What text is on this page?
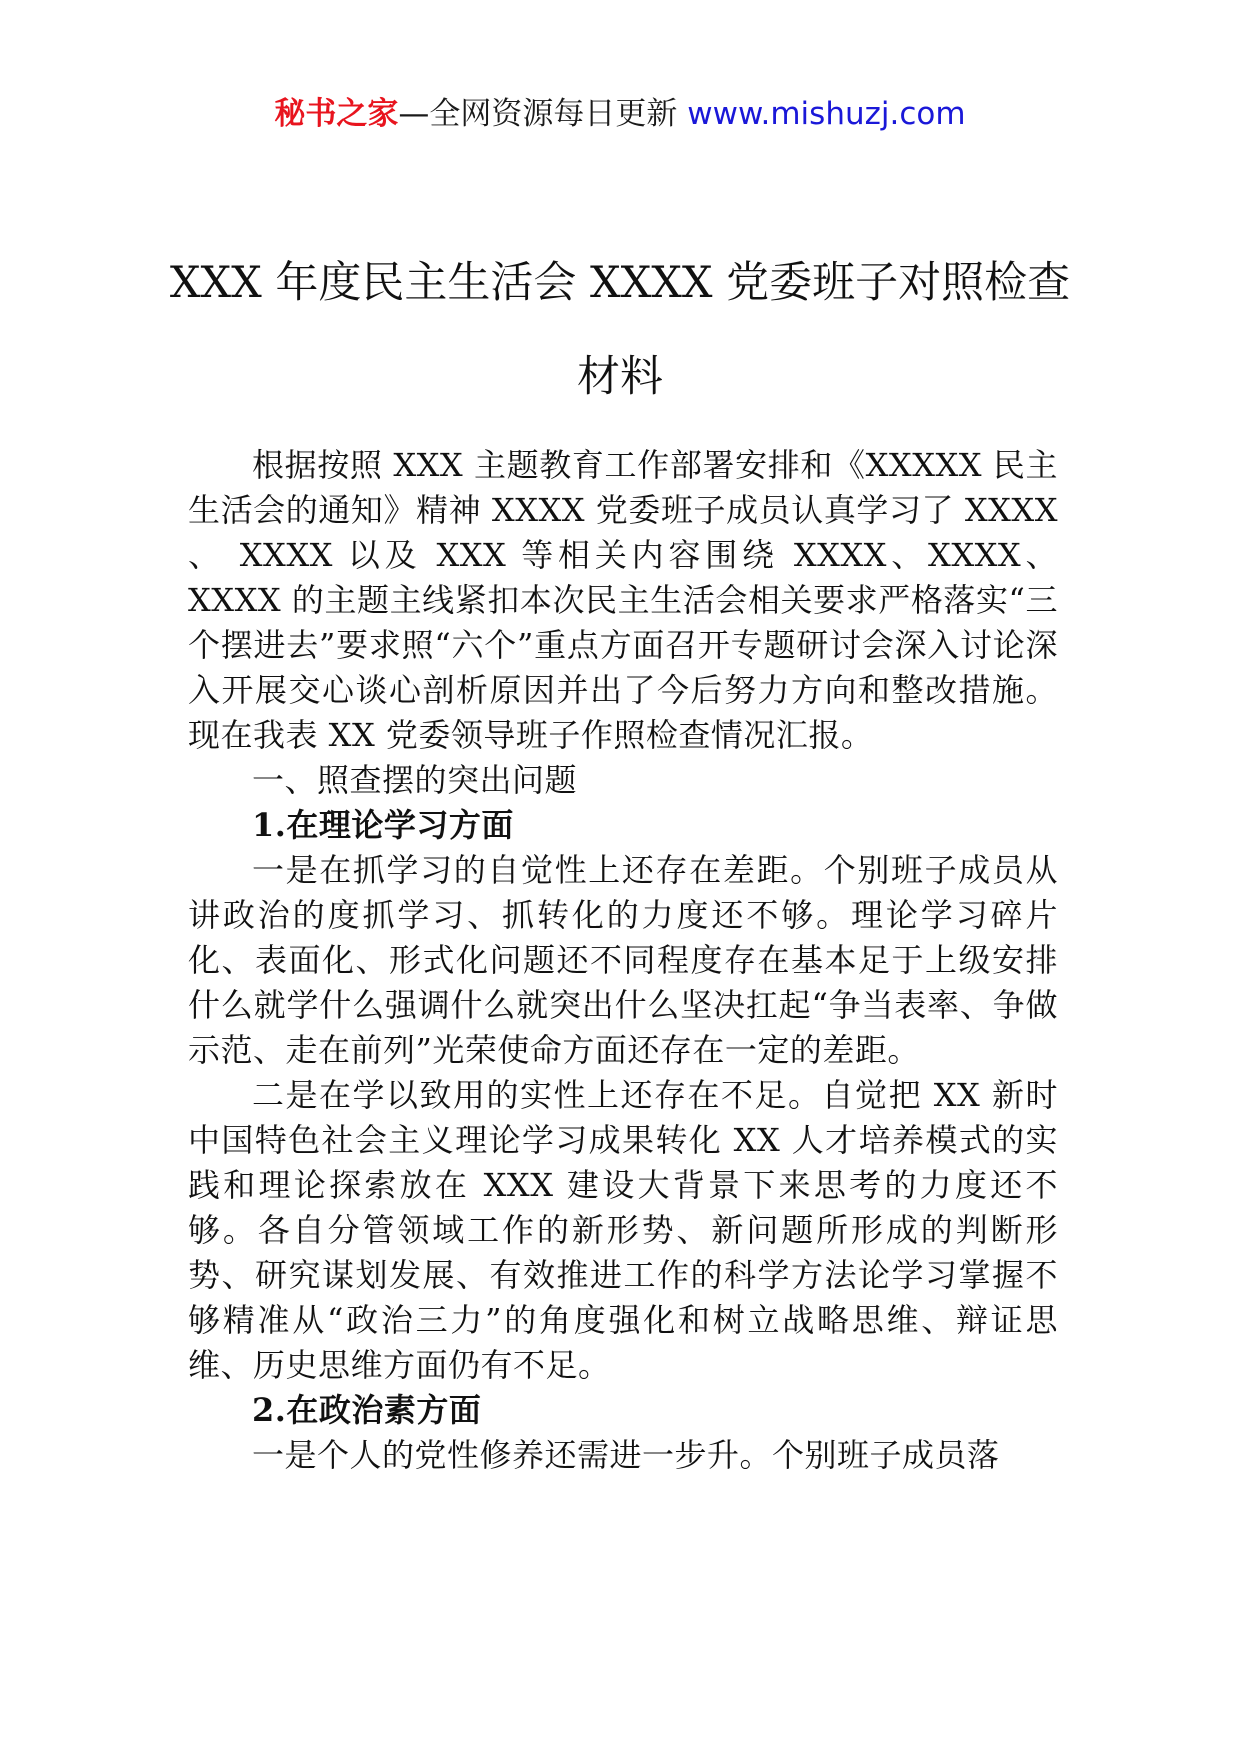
秘书之家—全网资源每日更新 www.mishuzj.com
XXX 年度民主生活会 XXXX 党委班子对照检查材料

根据按照 XXX 主题教育工作部署安排和《XXXXX 民主生活会的通知》精神 XXXX 党委班子成员认真学习了 XXXX 、 XXXX 以及 XXX 等相关内容围绕 XXXX、XXXX、XXXX 的主题主线紧扣本次民主生活会相关要求严格落实“三个摆进去”要求照“六个”重点方面召开专题研讨会深入讨论深入开展交心谈心剖析原因并出了今后努力方向和整改措施。现在我表 XX 党委领导班子作照检查情况汇报。

一、照查摆的突出问题

1.在理论学习方面

一是在抓学习的自觉性上还存在差距。个别班子成员从讲政治的度抓学习、抓转化的力度还不够。理论学习碎片化、表面化、形式化问题还不同程度存在基本足于上级安排什么就学什么强调什么就突出什么坚决扛起“争当表率、争做示范、走在前列”光荣使命方面还存在一定的差距。

二是在学以致用的实性上还存在不足。自觉把 XX 新时中国特色社会主义理论学习成果转化 XX 人才培养模式的实践和理论探索放在 XXX 建设大背景下来思考的力度还不够。各自分管领域工作的新形势、新问题所形成的判断形势、研究谋划发展、有效推进工作的科学方法论学习掌握不够精准从“政治三力”的角度强化和树立战略思维、辩证思维、历史思维方面仍有不足。

2.在政治素方面

一是个人的党性修养还需进一步升。个别班子成员落
